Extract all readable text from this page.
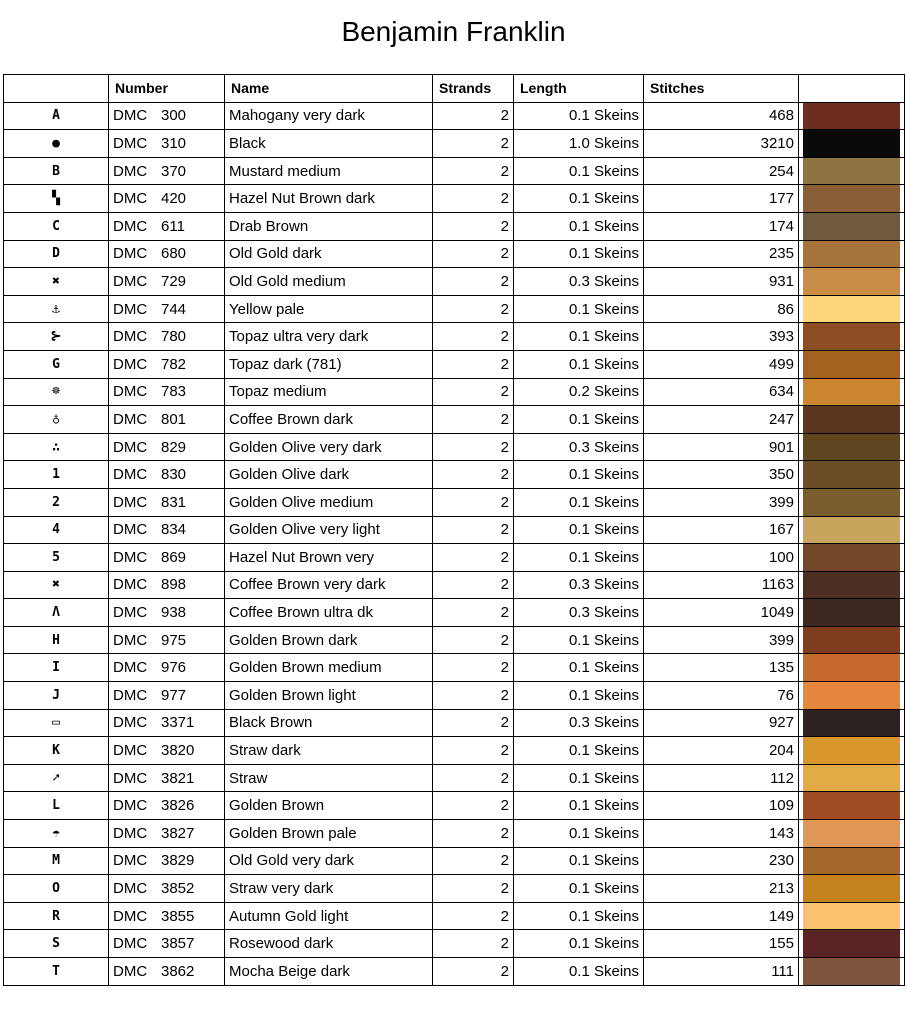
Benjamin Franklin
	Number	Name	Strands	Length	Stitches	
A	DMC 300	Mahogany very dark	2	0.1 Skeins	468	

●	DMC 310	Black	2	1.0 Skeins	3210	

B	DMC 370	Mustard medium	2	0.1 Skeins	254	

▚	DMC 420	Hazel Nut Brown dark	2	0.1 Skeins	177	

C	DMC 611	Drab Brown	2	0.1 Skeins	174	

D	DMC 680	Old Gold dark	2	0.1 Skeins	235	

✖	DMC 729	Old Gold medium	2	0.3 Skeins	931	

⚓	DMC 744	Yellow pale	2	0.1 Skeins	86	

⊱	DMC 780	Topaz ultra very dark	2	0.1 Skeins	393	

G	DMC 782	Topaz dark (781)	2	0.1 Skeins	499	

☸	DMC 783	Topaz medium	2	0.2 Skeins	634	

♁	DMC 801	Coffee Brown dark	2	0.1 Skeins	247	

∴	DMC 829	Golden Olive very dark	2	0.3 Skeins	901	

1	DMC 830	Golden Olive dark	2	0.1 Skeins	350	

2	DMC 831	Golden Olive medium	2	0.1 Skeins	399	

4	DMC 834	Golden Olive very light	2	0.1 Skeins	167	

5	DMC 869	Hazel Nut Brown very	2	0.1 Skeins	100	

✖	DMC 898	Coffee Brown very dark	2	0.3 Skeins	1163	

Λ	DMC 938	Coffee Brown ultra dk	2	0.3 Skeins	1049	

H	DMC 975	Golden Brown dark	2	0.1 Skeins	399	

I	DMC 976	Golden Brown medium	2	0.1 Skeins	135	

J	DMC 977	Golden Brown light	2	0.1 Skeins	76	

▭	DMC 3371	Black Brown	2	0.3 Skeins	927	

K	DMC 3820	Straw dark	2	0.1 Skeins	204	

➚	DMC 3821	Straw	2	0.1 Skeins	112	

L	DMC 3826	Golden Brown	2	0.1 Skeins	109	

☂	DMC 3827	Golden Brown pale	2	0.1 Skeins	143	

M	DMC 3829	Old Gold very dark	2	0.1 Skeins	230	

O	DMC 3852	Straw very dark	2	0.1 Skeins	213	

R	DMC 3855	Autumn Gold light	2	0.1 Skeins	149	

S	DMC 3857	Rosewood dark	2	0.1 Skeins	155	

T	DMC 3862	Mocha Beige dark	2	0.1 Skeins	111	
